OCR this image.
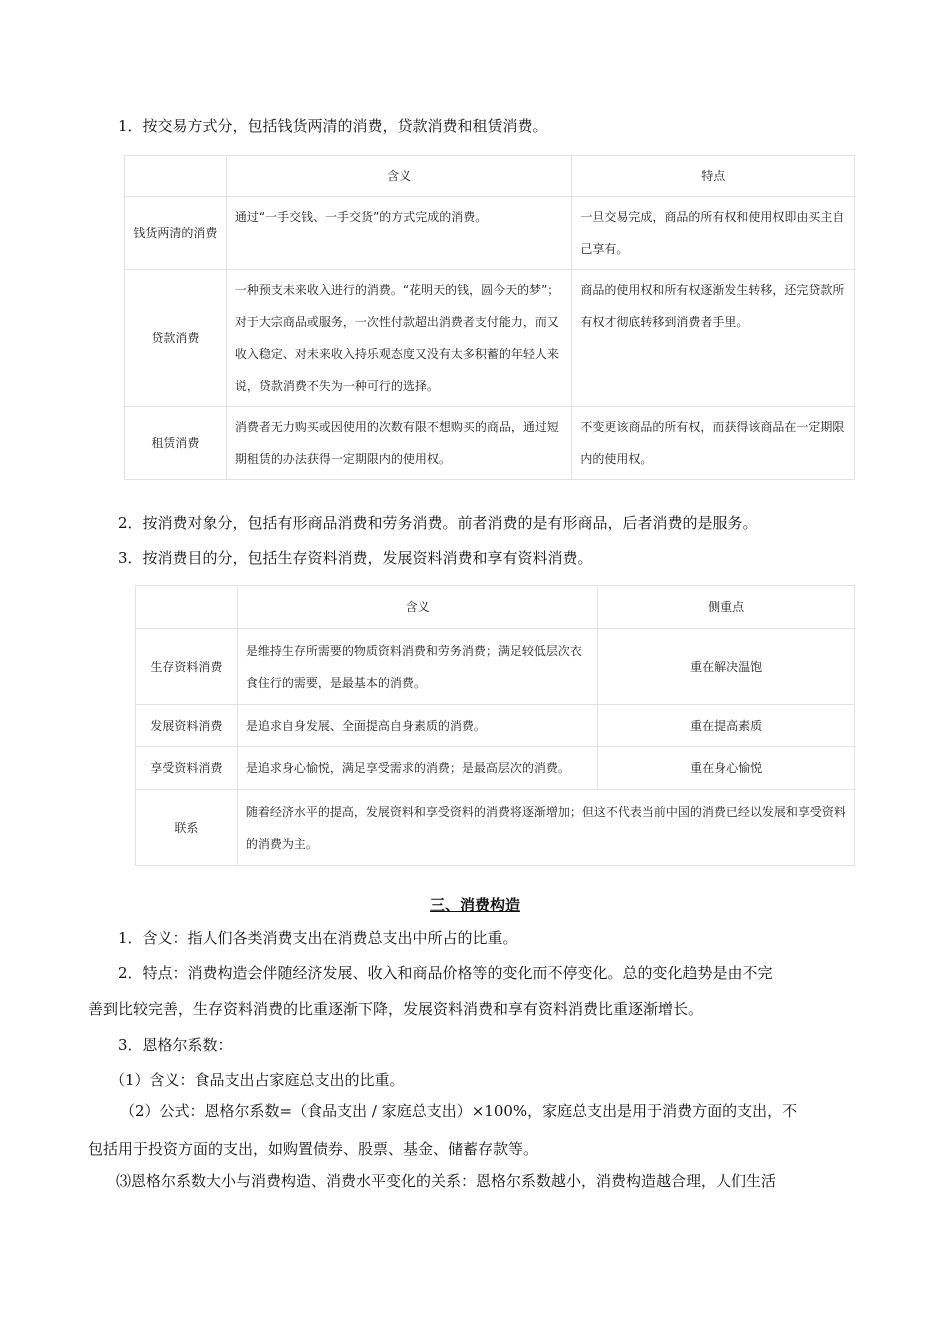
1．按交易方式分，包括钱货两清的消费，贷款消费和租赁消费。
	含义	特点
钱货两清的消费	通过“一手交钱、一手交货”的方式完成的消费。	一旦交易完成，商品的所有权和使用权即由买主自己享有。
贷款消费	一种预支未来收入进行的消费。“花明天的钱，圆今天的梦”；对于大宗商品或服务，一次性付款超出消费者支付能力，而又收入稳定、对未来收入持乐观态度又没有太多积蓄的年轻人来说，贷款消费不失为一种可行的选择。	商品的使用权和所有权逐渐发生转移，还完贷款所有权才彻底转移到消费者手里。
租赁消费	消费者无力购买或因使用的次数有限不想购买的商品，通过短期租赁的办法获得一定期限内的使用权。	不变更该商品的所有权，而获得该商品在一定期限内的使用权。
2．按消费对象分，包括有形商品消费和劳务消费。前者消费的是有形商品，后者消费的是服务。
3．按消费目的分，包括生存资料消费，发展资料消费和享有资料消费。
	含义	侧重点
生存资料消费	是维持生存所需要的物质资料消费和劳务消费；满足较低层次衣食住行的需要，是最基本的消费。	重在解决温饱
发展资料消费	是追求自身发展、全面提高自身素质的消费。	重在提高素质
享受资料消费	是追求身心愉悦，满足享受需求的消费；是最高层次的消费。	重在身心愉悦
联系	随着经济水平的提高，发展资料和享受资料的消费将逐渐增加；但这不代表当前中国的消费已经以发展和享受资料的消费为主。	
三、消费构造
1．含义：指人们各类消费支出在消费总支出中所占的比重。
2．特点：消费构造会伴随经济发展、收入和商品价格等的变化而不停变化。总的变化趋势是由不完
善到比较完善，生存资料消费的比重逐渐下降，发展资料消费和享有资料消费比重逐渐增长。
3．恩格尔系数：
（1）含义：食品支出占家庭总支出的比重。
（2）公式：恩格尔系数=（食品支出 / 家庭总支出）×100%，家庭总支出是用于消费方面的支出，不
包括用于投资方面的支出，如购置债券、股票、基金、储蓄存款等。
⑶恩格尔系数大小与消费构造、消费水平变化的关系：恩格尔系数越小，消费构造越合理，人们生活
